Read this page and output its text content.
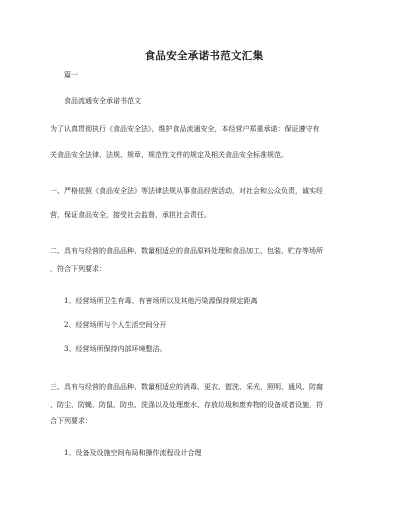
食品安全承诺书范文汇集
篇一
食品流通安全承诺书范文
为了认真贯彻执行《食品安全法》，维护食品流通安全，本经营户郑重承诺：保证遵守有
关食品安全法律、法规、规章、规范性文件的规定及相关食品安全标准规范。
一、严格依照《食品安全法》等法律法规从事食品经营活动，对社会和公众负责，诚实经
营，保证食品安全，接受社会监督，承担社会责任。
二、具有与经营的食品品种、数量相适应的食品原料处理和食品加工、包装、贮存等场所
，符合下列要求：
1、经营场所卫生有毒、有害场所以及其他污染源保持规定距离
2、经营场所与个人生活空间分开
3、经营场所保持内部环境整洁。
三、具有与经营的食品品种、数量相适应的消毒、更衣、盥洗、采光、照明、通风、防腐
、防尘、防蝇、防鼠、防虫、洗涤以及处理废水、存放垃圾和废弃物的设备或者设施，符
合下列要求：
1、设备及设施空间布局和操作流程设计合理
